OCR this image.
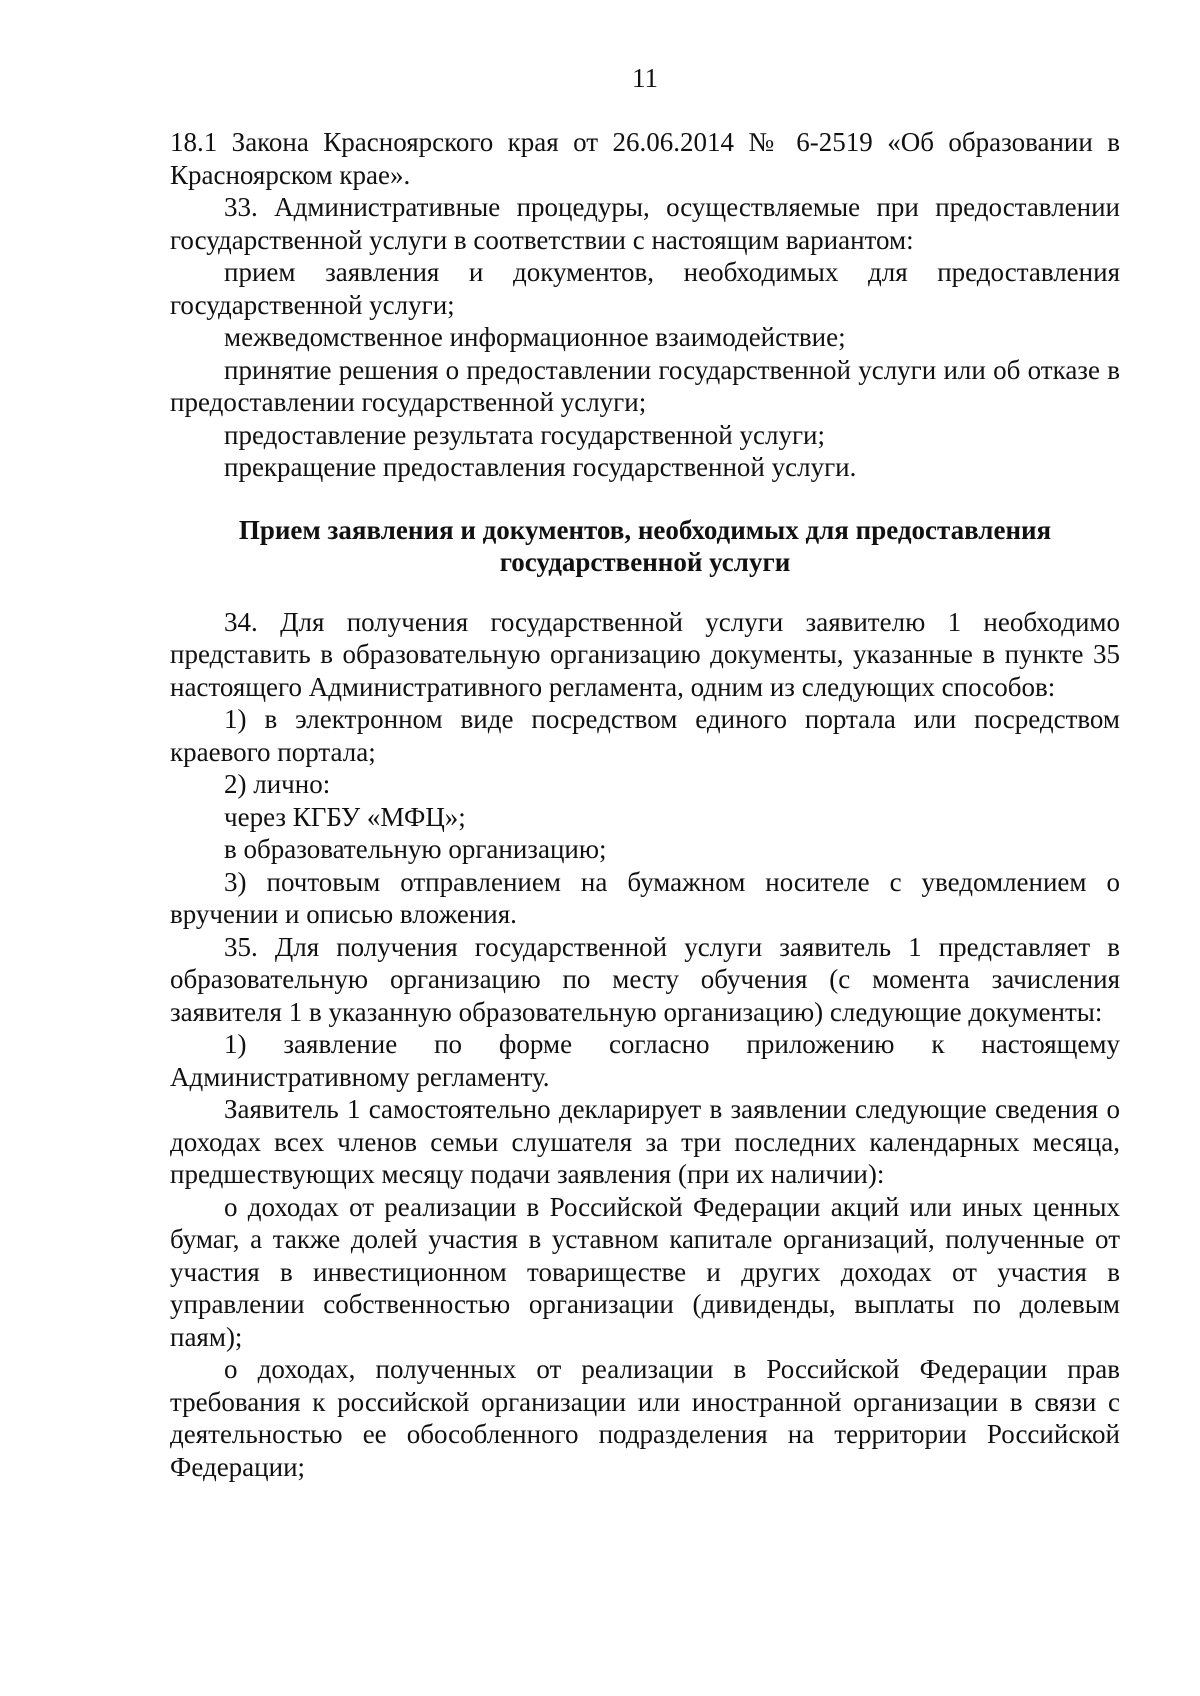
11

18.1 Закона Красноярского края от 26.06.2014 № 6-2519 «Об образовании в Красноярском крае».

33. Административные процедуры, осуществляемые при предоставлении государственной услуги в соответствии с настоящим вариантом:

прием заявления и документов, необходимых для предоставления государственной услуги;

межведомственное информационное взаимодействие;

принятие решения о предоставлении государственной услуги или об отказе в предоставлении государственной услуги;

предоставление результата государственной услуги;

прекращение предоставления государственной услуги.

Прием заявления и документов, необходимых для предоставления
государственной услуги

34. Для получения государственной услуги заявителю 1 необходимо представить в образовательную организацию документы, указанные в пункте 35 настоящего Административного регламента, одним из следующих способов:

1) в электронном виде посредством единого портала или посредством краевого портала;

2) лично:

через КГБУ «МФЦ»;

в образовательную организацию;

3) почтовым отправлением на бумажном носителе с уведомлением о вручении и описью вложения.

35. Для получения государственной услуги заявитель 1 представляет в образовательную организацию по месту обучения (с момента зачисления заявителя 1 в указанную образовательную организацию) следующие документы:

1) заявление по форме согласно приложению к настоящему Административному регламенту.

Заявитель 1 самостоятельно декларирует в заявлении следующие сведения о доходах всех членов семьи слушателя за три последних календарных месяца, предшествующих месяцу подачи заявления (при их наличии):

о доходах от реализации в Российской Федерации акций или иных ценных бумаг, а также долей участия в уставном капитале организаций, полученные от участия в инвестиционном товариществе и других доходах от участия в управлении собственностью организации (дивиденды, выплаты по долевым паям);

о доходах, полученных от реализации в Российской Федерации прав требования к российской организации или иностранной организации в связи с деятельностью ее обособленного подразделения на территории Российской Федерации;
